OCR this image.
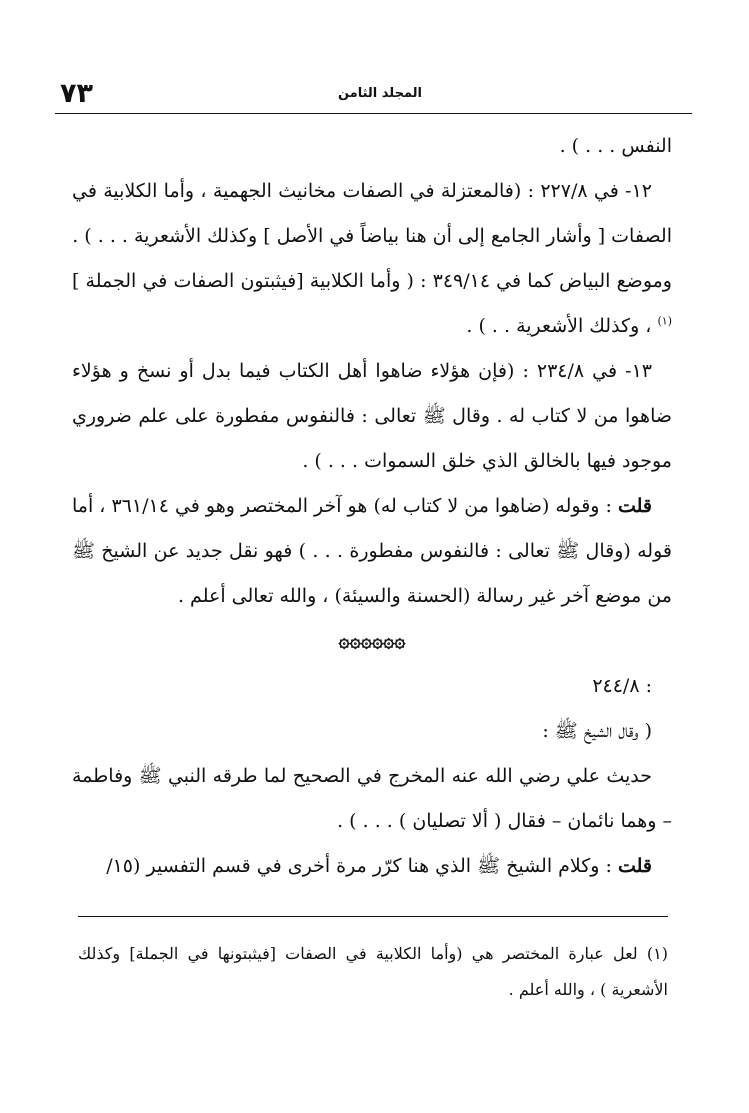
٧٣	المجلد الثامن

النفس . . . ) .

١٢- في ٢٢٧/٨ : (فالمعتزلة في الصفات مخانيث الجهمية ، وأما الكلابية في الصفات [ وأشار الجامع إلى أن هنا بياضاً في الأصل ] وكذلك الأشعرية . . . ) .

وموضع البياض كما في ٣٤٩/١٤ : ( وأما الكلابية [فيثبتون الصفات في الجملة ]$^{(١)}$ ، وكذلك الأشعرية . . ) .

١٣- في ٢٣٤/٨ : (فإن هؤلاء ضاهوا أهل الكتاب فيما بدل أو نسخ و هؤلاء ضاهوا من لا كتاب له . وقال ﷺ تعالى : فالنفوس مفطورة على علم ضروري موجود فيها بالخالق الذي خلق السموات . . . ) .

قلت : وقوله (ضاهوا من لا كتاب له) هو آخر المختصر وهو في ٣٦١/١٤ ، أما قوله (وقال ﷺ تعالى : فالنفوس مفطورة . . . ) فهو نقل جديد عن الشيخ ﷺ من موضع آخر غير رسالة (الحسنة والسيئة) ، والله تعالى أعلم .

۞۞۞۞۞۞

: ٢٤٤/٨

( وقال الشيخ ﷺ :

حديث علي رضي الله عنه المخرج في الصحيح لما طرقه النبي ﷺ وفاطمة – وهما نائمان – فقال ( ألا تصليان ) . . . ) .

قلت : وكلام الشيخ ﷺ الذي هنا كرّر مرة أخرى في قسم التفسير (١٥/

(١) لعل عبارة المختصر هي (وأما الكلابية في الصفات [فيثبتونها في الجملة] وكذلك الأشعرية ) ، والله أعلم .
